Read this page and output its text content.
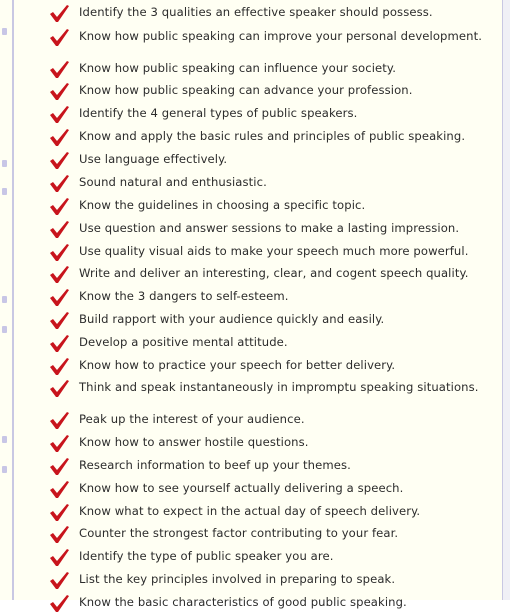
Identify the 3 qualities an effective speaker should possess.
Know how public speaking can improve your personal development.
Know how public speaking can influence your society.
Know how public speaking can advance your profession.
Identify the 4 general types of public speakers.
Know and apply the basic rules and principles of public speaking.
Use language effectively.
Sound natural and enthusiastic.
Know the guidelines in choosing a specific topic.
Use question and answer sessions to make a lasting impression.
Use quality visual aids to make your speech much more powerful.
Write and deliver an interesting, clear, and cogent speech quality.
Know the 3 dangers to self-esteem.
Build rapport with your audience quickly and easily.
Develop a positive mental attitude.
Know how to practice your speech for better delivery.
Think and speak instantaneously in impromptu speaking situations.
Peak up the interest of your audience.
Know how to answer hostile questions.
Research information to beef up your themes.
Know how to see yourself actually delivering a speech.
Know what to expect in the actual day of speech delivery.
Counter the strongest factor contributing to your fear.
Identify the type of public speaker you are.
List the key principles involved in preparing to speak.
Know the basic characteristics of good public speaking.
